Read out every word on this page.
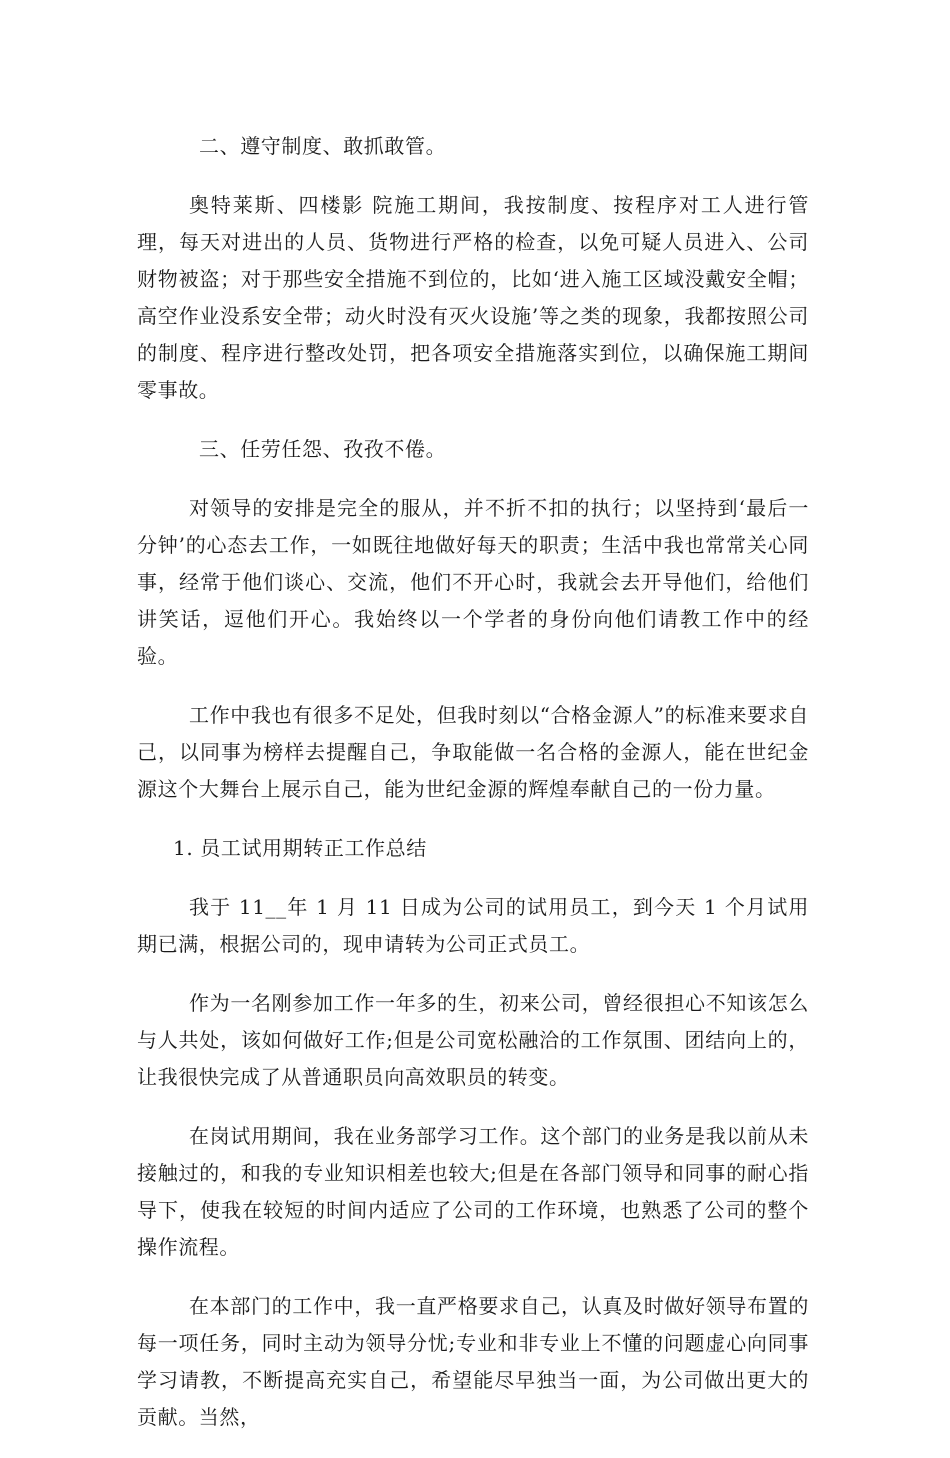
二、遵守制度、敢抓敢管。

奥特莱斯、四楼影 院施工期间，我按制度、按程序对工人进行管理，每天对进出的人员、货物进行严格的检查，以免可疑人员进入、公司财物被盗；对于那些安全措施不到位的，比如‘进入施工区域没戴安全帽；高空作业没系安全带；动火时没有灭火设施’等之类的现象，我都按照公司的制度、程序进行整改处罚，把各项安全措施落实到位，以确保施工期间零事故。

三、任劳任怨、孜孜不倦。

对领导的安排是完全的服从，并不折不扣的执行；以坚持到‘最后一分钟’的心态去工作，一如既往地做好每天的职责；生活中我也常常关心同事，经常于他们谈心、交流，他们不开心时，我就会去开导他们，给他们讲笑话，逗他们开心。我始终以一个学者的身份向他们请教工作中的经验。

工作中我也有很多不足处，但我时刻以“合格金源人”的标准来要求自己，以同事为榜样去提醒自己，争取能做一名合格的金源人，能在世纪金源这个大舞台上展示自己，能为世纪金源的辉煌奉献自己的一份力量。

1. 员工试用期转正工作总结

我于 11__年 1 月 11 日成为公司的试用员工，到今天 1 个月试用期已满，根据公司的，现申请转为公司正式员工。

作为一名刚参加工作一年多的生，初来公司，曾经很担心不知该怎么与人共处，该如何做好工作;但是公司宽松融洽的工作氛围、团结向上的，让我很快完成了从普通职员向高效职员的转变。

在岗试用期间，我在业务部学习工作。这个部门的业务是我以前从未接触过的，和我的专业知识相差也较大;但是在各部门领导和同事的耐心指导下，使我在较短的时间内适应了公司的工作环境，也熟悉了公司的整个操作流程。

在本部门的工作中，我一直严格要求自己，认真及时做好领导布置的每一项任务，同时主动为领导分忧;专业和非专业上不懂的问题虚心向同事学习请教，不断提高充实自己，希望能尽早独当一面，为公司做出更大的贡献。当然，
